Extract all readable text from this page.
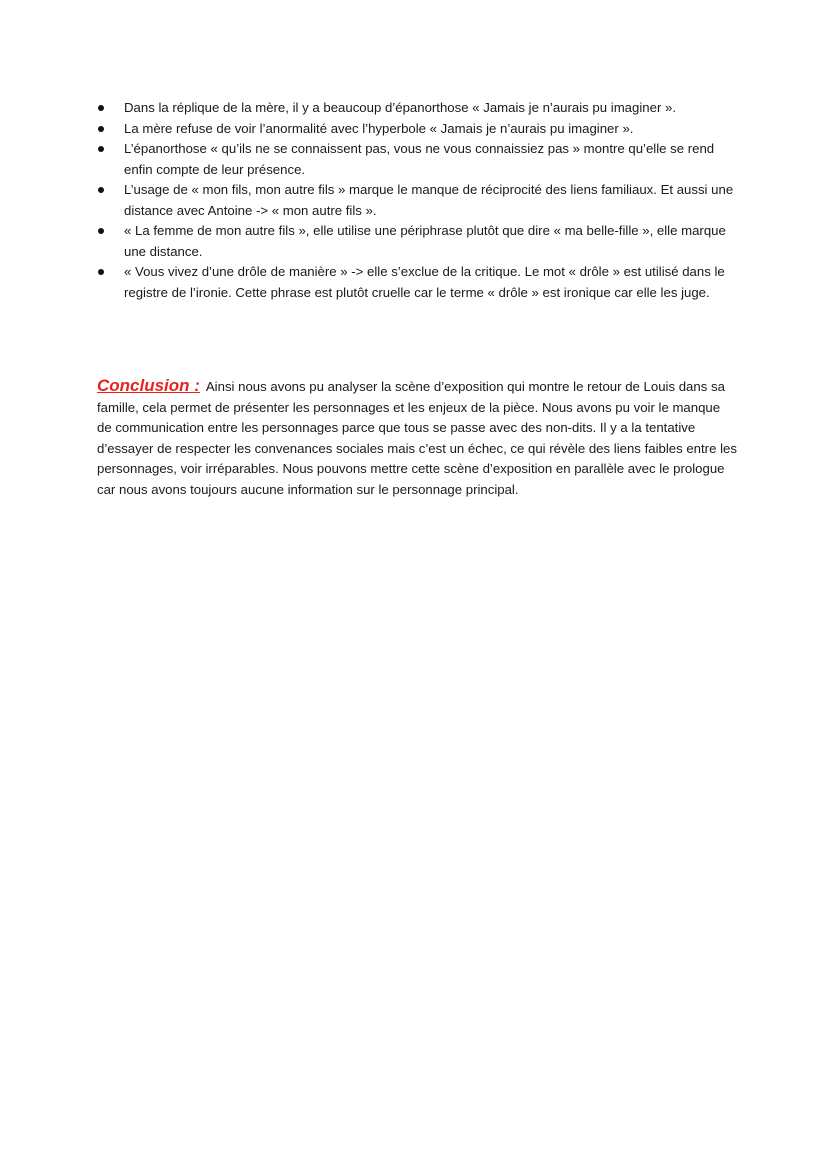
Dans la réplique de la mère, il y a beaucoup d’épanorthose « Jamais je n’aurais pu imaginer ».
La mère refuse de voir l’anormalité avec l’hyperbole « Jamais je n’aurais pu imaginer ».
L’épanorthose « qu’ils ne se connaissent pas, vous ne vous connaissiez pas » montre qu’elle se rend enfin compte de leur présence.
L’usage de « mon fils, mon autre fils » marque le manque de réciprocité des liens familiaux. Et aussi une distance avec Antoine -> « mon autre fils ».
« La femme de mon autre fils », elle utilise une périphrase plutôt que dire « ma belle-fille », elle marque une distance.
« Vous vivez d’une drôle de manière » -> elle s’exclue de la critique. Le mot « drôle » est utilisé dans le registre de l’ironie. Cette phrase est plutôt cruelle car le terme « drôle » est ironique car elle les juge.

Conclusion : Ainsi nous avons pu analyser la scène d’exposition qui montre le retour de Louis dans sa famille, cela permet de présenter les personnages et les enjeux de la pièce. Nous avons pu voir le manque de communication entre les personnages parce que tous se passe avec des non-dits. Il y a la tentative d’essayer de respecter les convenances sociales mais c’est un échec, ce qui révèle des liens faibles entre les personnages, voir irréparables. Nous pouvons mettre cette scène d’exposition en parallèle avec le prologue car nous avons toujours aucune information sur le personnage principal.
